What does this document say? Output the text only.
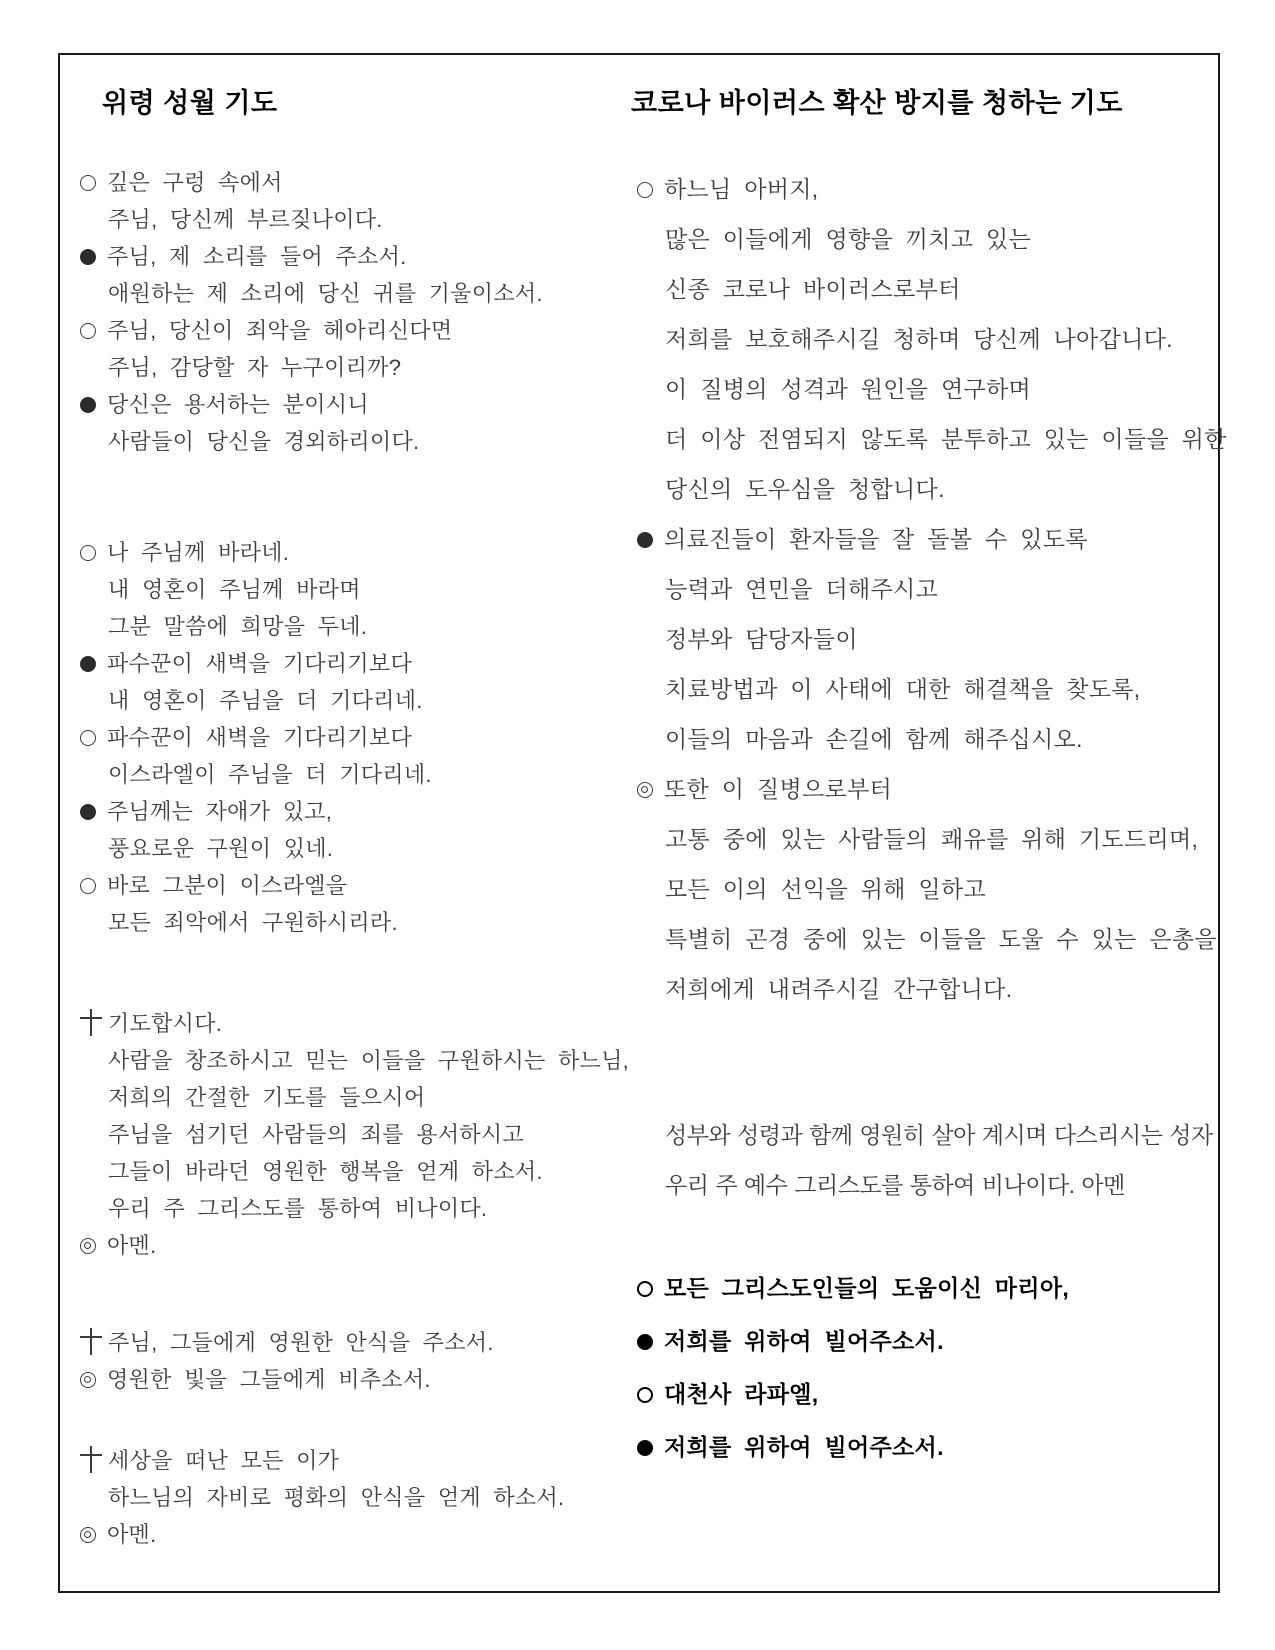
위령 성월 기도
깊은 구렁 속에서
주님, 당신께 부르짖나이다.
주님, 제 소리를 들어 주소서.
애원하는 제 소리에 당신 귀를 기울이소서.
주님, 당신이 죄악을 헤아리신다면
주님, 감당할 자 누구이리까?
당신은 용서하는 분이시니
사람들이 당신을 경외하리이다.
나 주님께 바라네.
내 영혼이 주님께 바라며
그분 말씀에 희망을 두네.
파수꾼이 새벽을 기다리기보다
내 영혼이 주님을 더 기다리네.
파수꾼이 새벽을 기다리기보다
이스라엘이 주님을 더 기다리네.
주님께는 자애가 있고,
풍요로운 구원이 있네.
바로 그분이 이스라엘을
모든 죄악에서 구원하시리라.
기도합시다.
사람을 창조하시고 믿는 이들을 구원하시는 하느님,
저희의 간절한 기도를 들으시어
주님을 섬기던 사람들의 죄를 용서하시고
그들이 바라던 영원한 행복을 얻게 하소서.
우리 주 그리스도를 통하여 비나이다.
아멘.
주님, 그들에게 영원한 안식을 주소서.
영원한 빛을 그들에게 비추소서.
세상을 떠난 모든 이가
하느님의 자비로 평화의 안식을 얻게 하소서.
아멘.
코로나 바이러스 확산 방지를 청하는 기도
하느님 아버지,
많은 이들에게 영향을 끼치고 있는
신종 코로나 바이러스로부터
저희를 보호해주시길 청하며 당신께 나아갑니다.
이 질병의 성격과 원인을 연구하며
더 이상 전염되지 않도록 분투하고 있는 이들을 위한
당신의 도우심을 청합니다.
의료진들이 환자들을 잘 돌볼 수 있도록
능력과 연민을 더해주시고
정부와 담당자들이
치료방법과 이 사태에 대한 해결책을 찾도록,
이들의 마음과 손길에 함께 해주십시오.
또한 이 질병으로부터
고통 중에 있는 사람들의 쾌유를 위해 기도드리며,
모든 이의 선익을 위해 일하고
특별히 곤경 중에 있는 이들을 도울 수 있는 은총을
저희에게 내려주시길 간구합니다.
성부와 성령과 함께 영원히 살아 계시며 다스리시는 성자
우리 주 예수 그리스도를 통하여 비나이다. 아멘
모든 그리스도인들의 도움이신 마리아,
저희를 위하여 빌어주소서.
대천사 라파엘,
저희를 위하여 빌어주소서.
